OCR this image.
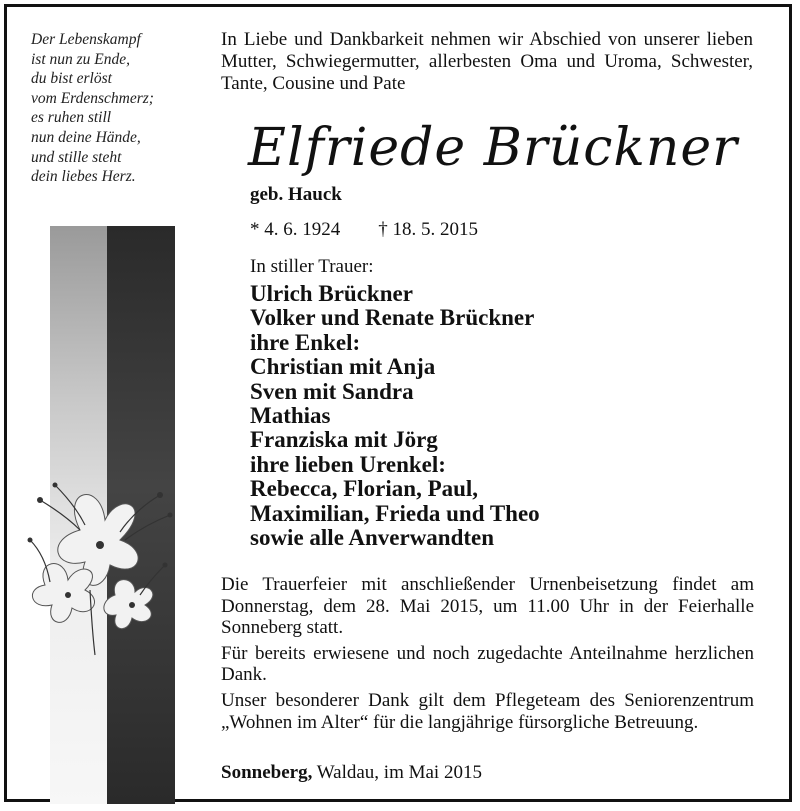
Der Lebenskampf
ist nun zu Ende,
du bist erlöst
vom Erdenschmerz;
es ruhen still
nun deine Hände,
und stille steht
dein liebes Herz.
In Liebe und Dankbarkeit nehmen wir Abschied von unserer lieben Mutter, Schwiegermutter, allerbesten Oma und Uroma, Schwester, Tante, Cousine und Pate
Elfriede Brückner
geb. Hauck
* 4. 6. 1924 † 18. 5. 2015
In stiller Trauer:
Ulrich Brückner
Volker und Renate Brückner
ihre Enkel:
Christian mit Anja
Sven mit Sandra
Mathias
Franziska mit Jörg
ihre lieben Urenkel:
Rebecca, Florian, Paul,
Maximilian, Frieda und Theo
sowie alle Anverwandten

Die Trauerfeier mit anschließender Urnenbeisetzung findet am Donnerstag, dem 28. Mai 2015, um 11.00 Uhr in der Feierhalle Sonneberg statt.

Für bereits erwiesene und noch zugedachte Anteilnahme herzlichen Dank.

Unser besonderer Dank gilt dem Pflegeteam des Seniorenzentrum „Wohnen im Alter“ für die langjährige fürsorgliche Betreuung.

Sonneberg, Waldau, im Mai 2015
